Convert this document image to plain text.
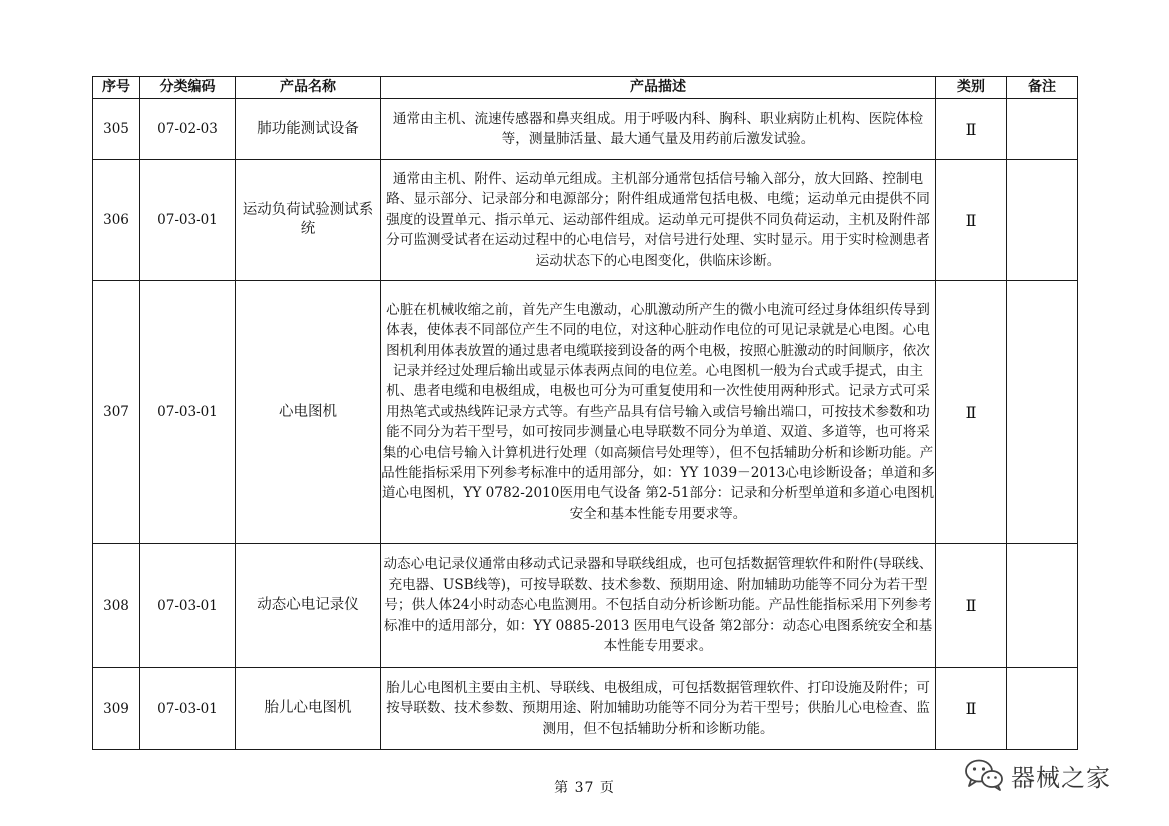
序号	分类编码	产品名称	产品描述	类别	备注
305	07-02-03	肺功能测试设备	通常由主机、流速传感器和鼻夹组成。用于呼吸内科、胸科、职业病防止机构、医院体检等，测量肺活量、最大通气量及用药前后激发试验。	Ⅱ	
306	07-03-01	运动负荷试验测试系统	通常由主机、附件、运动单元组成。主机部分通常包括信号输入部分，放大回路、控制电路、显示部分、记录部分和电源部分；附件组成通常包括电极、电缆；运动单元由提供不同强度的设置单元、指示单元、运动部件组成。运动单元可提供不同负荷运动，主机及附件部分可监测受试者在运动过程中的心电信号，对信号进行处理、实时显示。用于实时检测患者运动状态下的心电图变化，供临床诊断。	Ⅱ	
307	07-03-01	心电图机	心脏在机械收缩之前，首先产生电激动，心肌激动所产生的微小电流可经过身体组织传导到体表，使体表不同部位产生不同的电位，对这种心脏动作电位的可见记录就是心电图。心电图机利用体表放置的通过患者电缆联接到设备的两个电极，按照心脏激动的时间顺序，依次记录并经过处理后输出或显示体表两点间的电位差。心电图机一般为台式或手提式，由主机、患者电缆和电极组成，电极也可分为可重复使用和一次性使用两种形式。记录方式可采用热笔式或热线阵记录方式等。有些产品具有信号输入或信号输出端口，可按技术参数和功能不同分为若干型号，如可按同步测量心电导联数不同分为单道、双道、多道等，也可将采集的心电信号输入计算机进行处理（如高频信号处理等），但不包括辅助分析和诊断功能。产品性能指标采用下列参考标准中的适用部分，如：YY 1039－2013心电诊断设备；单道和多道心电图机，YY 0782-2010医用电气设备 第2-51部分：记录和分析型单道和多道心电图机安全和基本性能专用要求等。	Ⅱ	
308	07-03-01	动态心电记录仪	动态心电记录仪通常由移动式记录器和导联线组成，也可包括数据管理软件和附件(导联线、充电器、USB线等)，可按导联数、技术参数、预期用途、附加辅助功能等不同分为若干型号；供人体24小时动态心电监测用。不包括自动分析诊断功能。产品性能指标采用下列参考标准中的适用部分，如：YY 0885-2013 医用电气设备 第2部分：动态心电图系统安全和基本性能专用要求。	Ⅱ	
309	07-03-01	胎儿心电图机	胎儿心电图机主要由主机、导联线、电极组成，可包括数据管理软件、打印设施及附件；可按导联数、技术参数、预期用途、附加辅助功能等不同分为若干型号；供胎儿心电检查、监测用，但不包括辅助分析和诊断功能。	Ⅱ	
第 37 页	器械之家
